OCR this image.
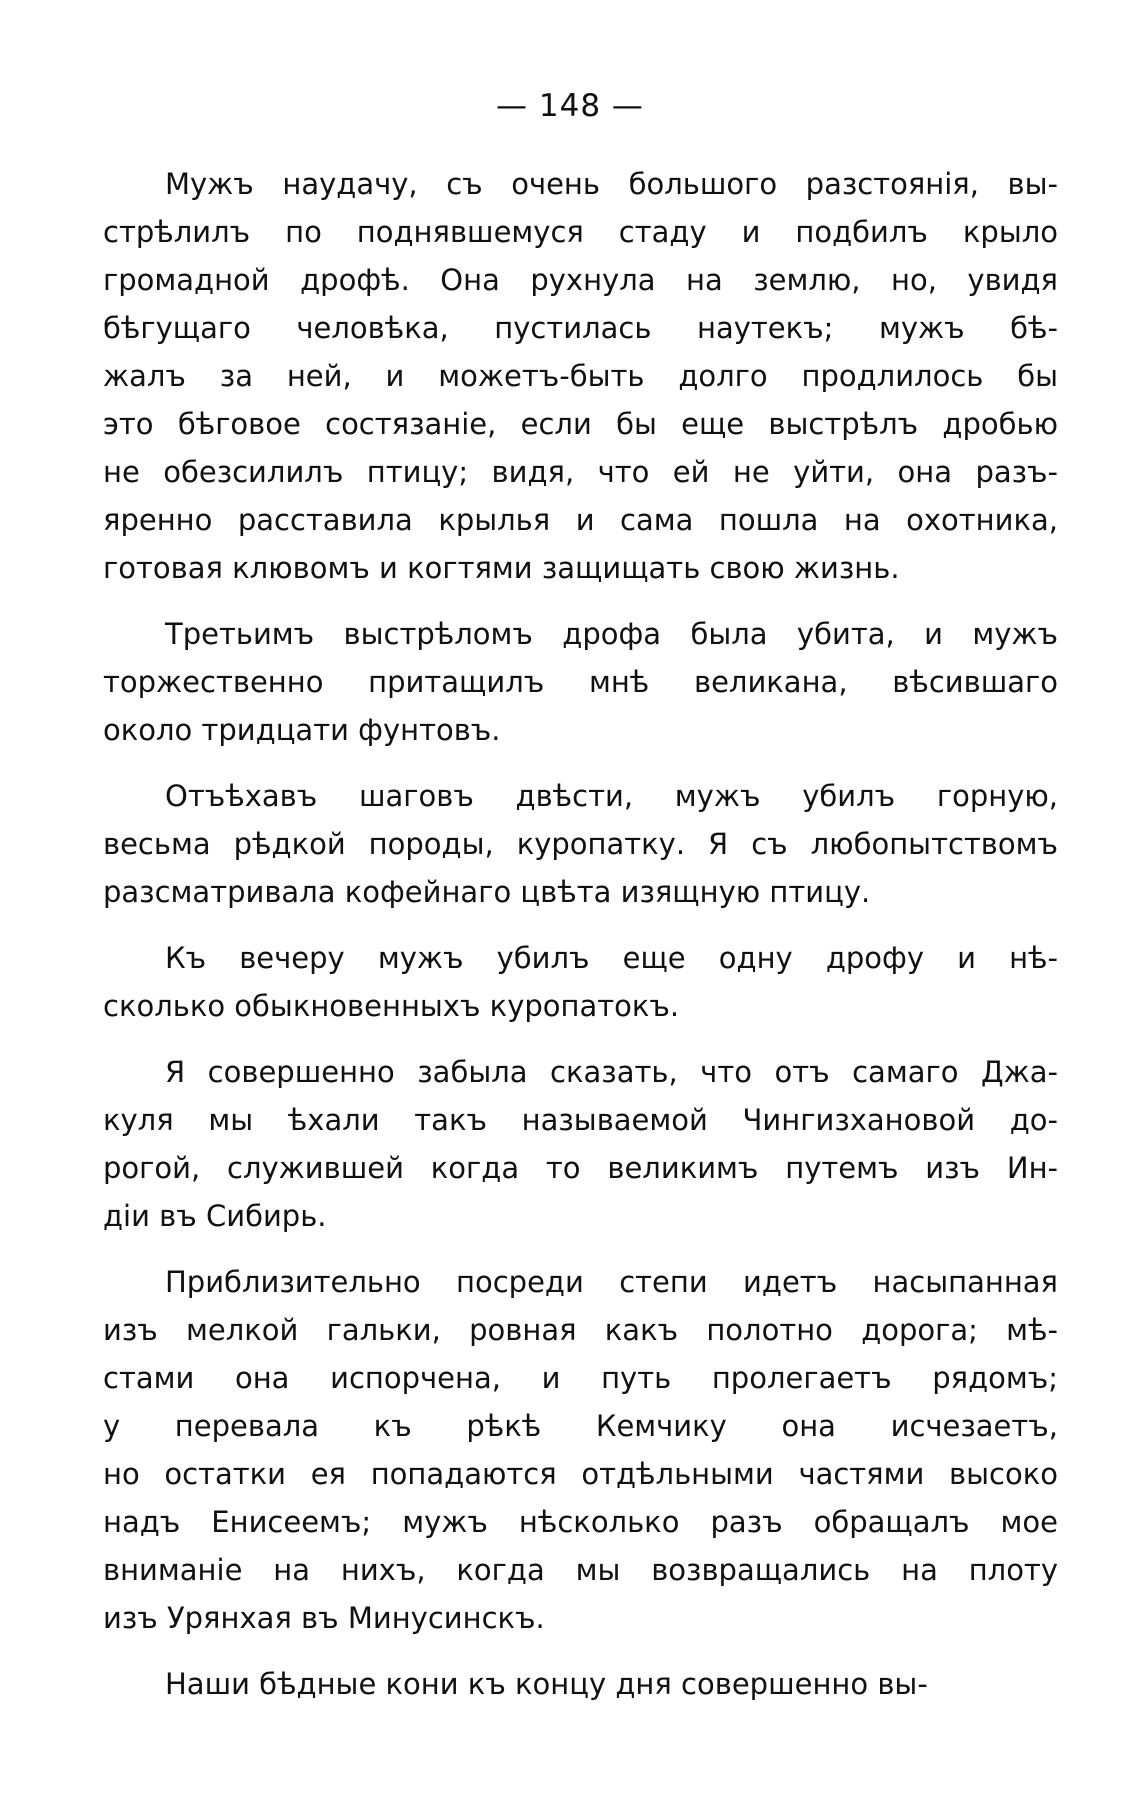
— 148 —
Мужъ наудачу, съ очень большого разстоянія, вы-
стрѣлилъ по поднявшемуся стаду и подбилъ крыло
громадной дрофѣ. Она рухнула на землю, но, увидя
бѣгущаго человѣка, пустилась наутекъ; мужъ бѣ-
жалъ за ней, и можетъ-быть долго продлилось бы
это бѣговое состязаніе, если бы еще выстрѣлъ дробью
не обезсилилъ птицу; видя, что ей не уйти, она разъ-
яренно расставила крылья и сама пошла на охотника,
готовая клювомъ и когтями защищать свою жизнь.
Третьимъ выстрѣломъ дрофа была убита, и мужъ
торжественно притащилъ мнѣ великана, вѣсившаго
около тридцати фунтовъ.
Отъѣхавъ шаговъ двѣсти, мужъ убилъ горную,
весьма рѣдкой породы, куропатку. Я съ любопытствомъ
разсматривала кофейнаго цвѣта изящную птицу.
Къ вечеру мужъ убилъ еще одну дрофу и нѣ-
сколько обыкновенныхъ куропатокъ.
Я совершенно забыла сказать, что отъ самаго Джа-
куля мы ѣхали такъ называемой Чингизхановой до-
рогой, служившей когда то великимъ путемъ изъ Ин-
діи въ Сибирь.
Приблизительно посреди степи идетъ насыпанная
изъ мелкой гальки, ровная какъ полотно дорога; мѣ-
стами она испорчена, и путь пролегаетъ рядомъ;
у перевала къ рѣкѣ Кемчику она исчезаетъ,
но остатки ея попадаются отдѣльными частями высоко
надъ Енисеемъ; мужъ нѣсколько разъ обращалъ мое
вниманіе на нихъ, когда мы возвращались на плоту
изъ Урянхая въ Минусинскъ.
Наши бѣдные кони къ концу дня совершенно вы-
